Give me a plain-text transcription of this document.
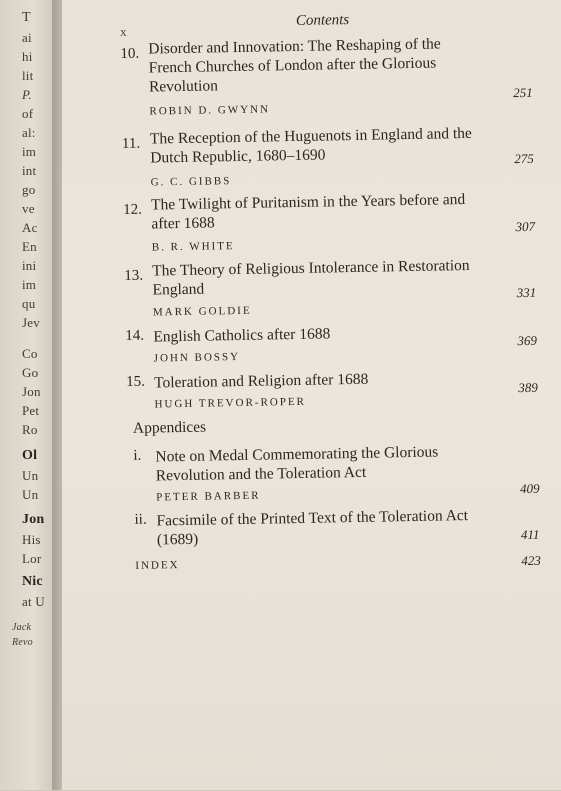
T
ai
hi
lit
P.
of
al:
im
int
go
ve
Ac
En
ini
im
qu
Jev
Co
Go
Jon
Pet
Ro
Ol
Un
Un
Jon
His
Lor
Nic
at U
Jack
Revo
x
Contents
10. Disorder and Innovation: The Reshaping of the French Churches of London after the Glorious Revolution
ROBIN D. GWYNN
251
11. The Reception of the Huguenots in England and the Dutch Republic, 1680–1690
G. C. GIBBS
275
12. The Twilight of Puritanism in the Years before and after 1688
B. R. WHITE
307
13. The Theory of Religious Intolerance in Restoration England
MARK GOLDIE
331
14. English Catholics after 1688
JOHN BOSSY
369
15. Toleration and Religion after 1688
HUGH TREVOR-ROPER
389
Appendices
i. Note on Medal Commemorating the Glorious Revolution and the Toleration Act
PETER BARBER
409
ii. Facsimile of the Printed Text of the Toleration Act (1689)	411
INDEX	423
